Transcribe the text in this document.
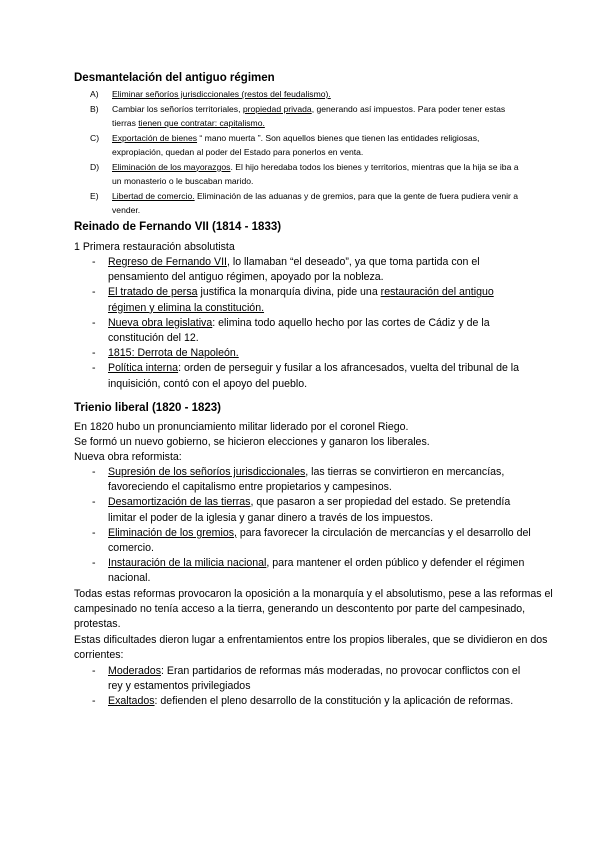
Desmantelación del antiguo régimen
A) Eliminar señoríos jurisdiccionales (restos del feudalismo).
B) Cambiar los señoríos territoriales, propiedad privada, generando así impuestos. Para poder tener estas tierras tienen que contratar: capitalismo.
C) Exportación de bienes “ mano muerta ”. Son aquellos bienes que tienen las entidades religiosas, expropiación, quedan al poder del Estado para ponerlos en venta.
D) Eliminación de los mayorazgos. El hijo heredaba todos los bienes y territorios, mientras que la hija se iba a un monasterio o le buscaban marido.
E) Libertad de comercio. Eliminación de las aduanas y de gremios, para que la gente de fuera pudiera venir a vender.
Reinado de Fernando VII (1814 - 1833)

1 Primera restauración absolutista

- Regreso de Fernando VII, lo llamaban “el deseado”, ya que toma partida con el pensamiento del antiguo régimen, apoyado por la nobleza.
- El tratado de persa justifica la monarquía divina, pide una restauración del antiguo régimen y elimina la constitución.
- Nueva obra legislativa: elimina todo aquello hecho por las cortes de Cádiz y de la constitución del 12.
- 1815: Derrota de Napoleón.
- Política interna: orden de perseguir y fusilar a los afrancesados, vuelta del tribunal de la inquisición, contó con el apoyo del pueblo.
Trienio liberal (1820 - 1823)

En 1820 hubo un pronunciamiento militar liderado por el coronel Riego.

Se formó un nuevo gobierno, se hicieron elecciones y ganaron los liberales.

Nueva obra reformista:

- Supresión de los señoríos jurisdiccionales, las tierras se convirtieron en mercancías, favoreciendo el capitalismo entre propietarios y campesinos.
- Desamortización de las tierras, que pasaron a ser propiedad del estado. Se pretendía limitar el poder de la iglesia y ganar dinero a través de los impuestos.
- Eliminación de los gremios, para favorecer la circulación de mercancías y el desarrollo del comercio.
- Instauración de la milicia nacional, para mantener el orden público y defender el régimen nacional.

Todas estas reformas provocaron la oposición a la monarquía y el absolutismo, pese a las reformas el campesinado no tenía acceso a la tierra, generando un descontento por parte del campesinado, protestas.

Estas dificultades dieron lugar a enfrentamientos entre los propios liberales, que se dividieron en dos corrientes:

- Moderados: Eran partidarios de reformas más moderadas, no provocar conflictos con el rey y estamentos privilegiados
- Exaltados: defienden el pleno desarrollo de la constitución y la aplicación de reformas.
